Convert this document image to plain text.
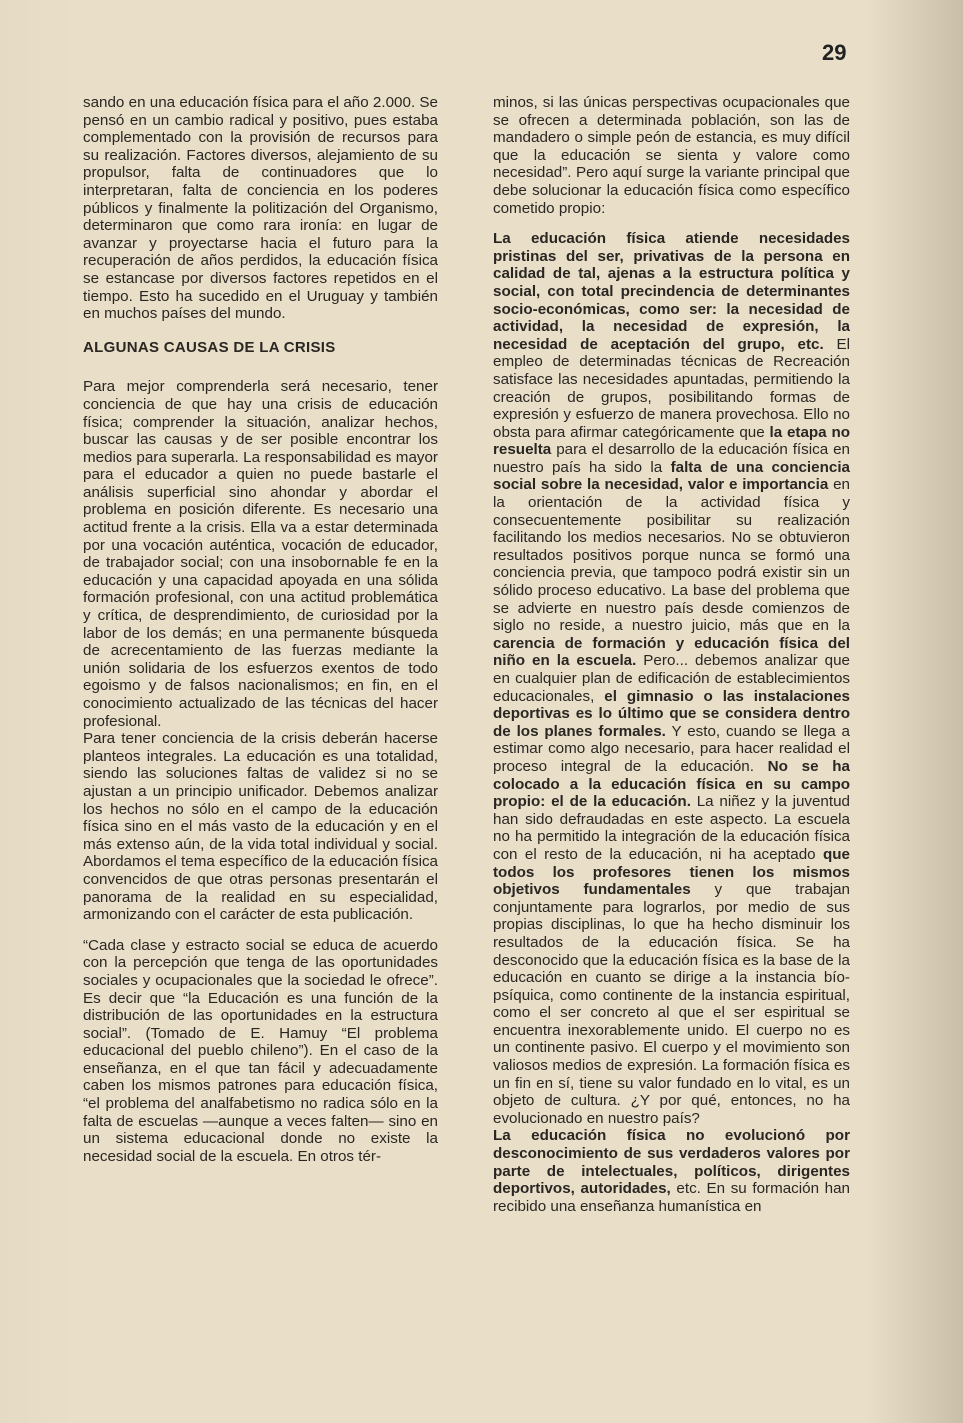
29

sando en una educación física para el año 2.000. Se pensó en un cambio radical y positivo, pues estaba complementado con la provisión de recursos para su realización. Factores diversos, alejamiento de su propulsor, falta de continuadores que lo interpretaran, falta de conciencia en los poderes públicos y finalmente la politización del Organismo, determinaron que como rara ironía: en lugar de avanzar y proyectarse hacia el futuro para la recuperación de años perdidos, la educación física se estancase por diversos factores repetidos en el tiempo. Esto ha sucedido en el Uruguay y también en muchos países del mundo.

ALGUNAS CAUSAS DE LA CRISIS

Para mejor comprenderla será necesario, tener conciencia de que hay una crisis de educación física; comprender la situación, analizar hechos, buscar las causas y de ser posible encontrar los medios para superarla. La responsabilidad es mayor para el educador a quien no puede bastarle el análisis superficial sino ahondar y abordar el problema en posición diferente. Es necesario una actitud frente a la crisis. Ella va a estar determinada por una vocación auténtica, vocación de educador, de trabajador social; con una insobornable fe en la educación y una capacidad apoyada en una sólida formación profesional, con una actitud problemática y crítica, de desprendimiento, de curiosidad por la labor de los demás; en una permanente búsqueda de acrecentamiento de las fuerzas mediante la unión solidaria de los esfuerzos exentos de todo egoismo y de falsos nacionalismos; en fin, en el conocimiento actualizado de las técnicas del hacer profesional.

Para tener conciencia de la crisis deberán hacerse planteos integrales. La educación es una totalidad, siendo las soluciones faltas de validez si no se ajustan a un principio unificador. Debemos analizar los hechos no sólo en el campo de la educación física sino en el más vasto de la educación y en el más extenso aún, de la vida total individual y social. Abordamos el tema específico de la educación física convencidos de que otras personas presentarán el panorama de la realidad en su especialidad, armonizando con el carácter de esta publicación.

“Cada clase y estracto social se educa de acuerdo con la percepción que tenga de las oportunidades sociales y ocupacionales que la sociedad le ofrece”. Es decir que “la Educación es una función de la distribución de las oportunidades en la estructura social”. (Tomado de E. Hamuy “El problema educacional del pueblo chileno”). En el caso de la enseñanza, en el que tan fácil y adecuadamente caben los mismos patrones para educación física, “el problema del analfabetismo no radica sólo en la falta de escuelas —aunque a veces falten— sino en un sistema educacional donde no existe la necesidad social de la escuela. En otros tér-

minos, si las únicas perspectivas ocupacionales que se ofrecen a determinada población, son las de mandadero o simple peón de estancia, es muy difícil que la educación se sienta y valore como necesidad”. Pero aquí surge la variante principal que debe solucionar la educación física como específico cometido propio:

La educación física atiende necesidades pristinas del ser, privativas de la persona en calidad de tal, ajenas a la estructura política y social, con total precindencia de determinantes socio-económicas, como ser: la necesidad de actividad, la necesidad de expresión, la necesidad de aceptación del grupo, etc. El empleo de determinadas técnicas de Recreación satisface las necesidades apuntadas, permitiendo la creación de grupos, posibilitando formas de expresión y esfuerzo de manera provechosa. Ello no obsta para afirmar categóricamente que la etapa no resuelta para el desarrollo de la educación física en nuestro país ha sido la falta de una conciencia social sobre la necesidad, valor e importancia en la orientación de la actividad física y consecuentemente posibilitar su realización facilitando los medios necesarios. No se obtuvieron resultados positivos porque nunca se formó una conciencia previa, que tampoco podrá existir sin un sólido proceso educativo. La base del problema que se advierte en nuestro país desde comienzos de siglo no reside, a nuestro juicio, más que en la carencia de formación y educación física del niño en la escuela. Pero... debemos analizar que en cualquier plan de edificación de establecimientos educacionales, el gimnasio o las instalaciones deportivas es lo último que se considera dentro de los planes formales. Y esto, cuando se llega a estimar como algo necesario, para hacer realidad el proceso integral de la educación. No se ha colocado a la educación física en su campo propio: el de la educación. La niñez y la juventud han sido defraudadas en este aspecto. La escuela no ha permitido la integración de la educación física con el resto de la educación, ni ha aceptado que todos los profesores tienen los mismos objetivos fundamentales y que trabajan conjuntamente para lograrlos, por medio de sus propias disciplinas, lo que ha hecho disminuir los resultados de la educación física. Se ha desconocido que la educación física es la base de la educación en cuanto se dirige a la instancia bío-psíquica, como continente de la instancia espiritual, como el ser concreto al que el ser espiritual se encuentra inexorablemente unido. El cuerpo no es un continente pasivo. El cuerpo y el movimiento son valiosos medios de expresión. La formación física es un fin en sí, tiene su valor fundado en lo vital, es un objeto de cultura. ¿Y por qué, entonces, no ha evolucionado en nuestro país?

La educación física no evolucionó por desconocimiento de sus verdaderos valores por parte de intelectuales, políticos, dirigentes deportivos, autoridades, etc. En su formación han recibido una enseñanza humanística en
